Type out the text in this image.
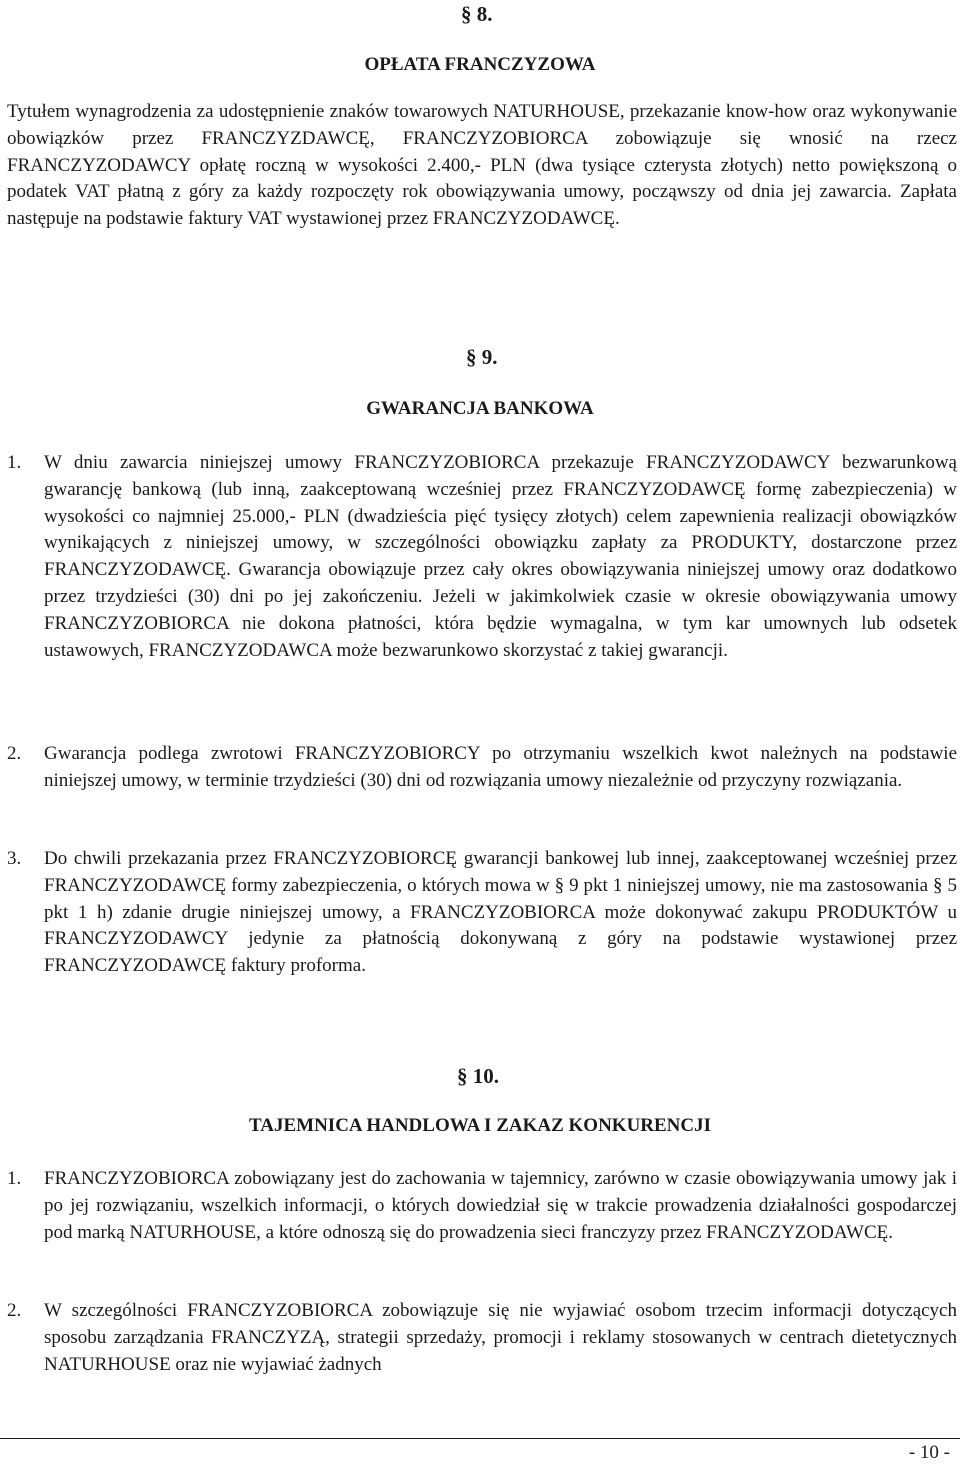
§ 8.
OPŁATA FRANCZYZOWA
Tytułem wynagrodzenia za udostępnienie znaków towarowych NATURHOUSE, przekazanie know-how oraz wykonywanie obowiązków przez FRANCZYZDAWCĘ, FRANCZYZOBIORCA zobowiązuje się wnosić na rzecz FRANCZYZODAWCY opłatę roczną w wysokości 2.400,- PLN (dwa tysiące czterysta złotych) netto powiększoną o podatek VAT płatną z góry za każdy rozpoczęty rok obowiązywania umowy, począwszy od dnia jej zawarcia. Zapłata następuje na podstawie faktury VAT wystawionej przez FRANCZYZODAWCĘ.
§ 9.
GWARANCJA BANKOWA
1. W dniu zawarcia niniejszej umowy FRANCZYZOBIORCA przekazuje FRANCZYZODAWCY bezwarunkową gwarancję bankową (lub inną, zaakceptowaną wcześniej przez FRANCZYZODAWCĘ formę zabezpieczenia) w wysokości co najmniej 25.000,- PLN (dwadzieścia pięć tysięcy złotych) celem zapewnienia realizacji obowiązków wynikających z niniejszej umowy, w szczególności obowiązku zapłaty za PRODUKTY, dostarczone przez FRANCZYZODAWCĘ. Gwarancja obowiązuje przez cały okres obowiązywania niniejszej umowy oraz dodatkowo przez trzydzieści (30) dni po jej zakończeniu. Jeżeli w jakimkolwiek czasie w okresie obowiązywania umowy FRANCZYZOBIORCA nie dokona płatności, która będzie wymagalna, w tym kar umownych lub odsetek ustawowych, FRANCZYZODAWCA może bezwarunkowo skorzystać z takiej gwarancji.
2. Gwarancja podlega zwrotowi FRANCZYZOBIORCY po otrzymaniu wszelkich kwot należnych na podstawie niniejszej umowy, w terminie trzydzieści (30) dni od rozwiązania umowy niezależnie od przyczyny rozwiązania.
3. Do chwili przekazania przez FRANCZYZOBIORCĘ gwarancji bankowej lub innej, zaakceptowanej wcześniej przez FRANCZYZODAWCĘ formy zabezpieczenia, o których mowa w § 9 pkt 1 niniejszej umowy, nie ma zastosowania § 5 pkt 1 h) zdanie drugie niniejszej umowy, a FRANCZYZOBIORCA może dokonywać zakupu PRODUKTÓW u FRANCZYZODAWCY jedynie za płatnością dokonywaną z góry na podstawie wystawionej przez FRANCZYZODAWCĘ faktury proforma.
§ 10.
TAJEMNICA HANDLOWA I ZAKAZ KONKURENCJI
1. FRANCZYZOBIORCA zobowiązany jest do zachowania w tajemnicy, zarówno w czasie obowiązywania umowy jak i po jej rozwiązaniu, wszelkich informacji, o których dowiedział się w trakcie prowadzenia działalności gospodarczej pod marką NATURHOUSE, a które odnoszą się do prowadzenia sieci franczyzy przez FRANCZYZODAWCĘ.
2. W szczególności FRANCZYZOBIORCA zobowiązuje się nie wyjawiać osobom trzecim informacji dotyczących sposobu zarządzania FRANCZYZĄ, strategii sprzedaży, promocji i reklamy stosowanych w centrach dietetycznych NATURHOUSE oraz nie wyjawiać żadnych
- 10 -
